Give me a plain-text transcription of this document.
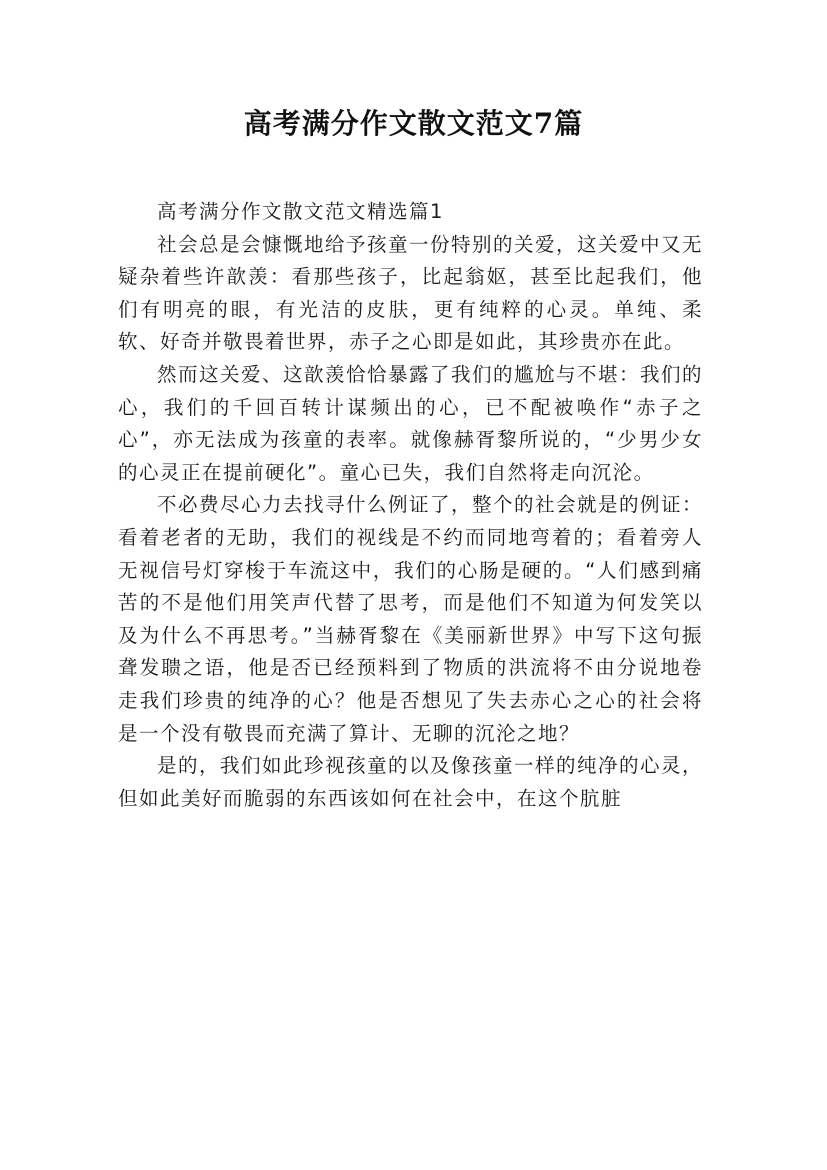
高考满分作文散文范文7篇

高考满分作文散文范文精选篇1

社会总是会慷慨地给予孩童一份特别的关爱，这关爱中又无疑杂着些许歆羡：看那些孩子，比起翁妪，甚至比起我们，他们有明亮的眼，有光洁的皮肤，更有纯粹的心灵。单纯、柔软、好奇并敬畏着世界，赤子之心即是如此，其珍贵亦在此。

然而这关爱、这歆羡恰恰暴露了我们的尴尬与不堪：我们的心，我们的千回百转计谋频出的心，已不配被唤作“赤子之心”，亦无法成为孩童的表率。就像赫胥黎所说的，“少男少女的心灵正在提前硬化”。童心已失，我们自然将走向沉沦。

不必费尽心力去找寻什么例证了，整个的社会就是的例证：看着老者的无助，我们的视线是不约而同地弯着的；看着旁人无视信号灯穿梭于车流这中，我们的心肠是硬的。“人们感到痛苦的不是他们用笑声代替了思考，而是他们不知道为何发笑以及为什么不再思考。”当赫胥黎在《美丽新世界》中写下这句振聋发聩之语，他是否已经预料到了物质的洪流将不由分说地卷走我们珍贵的纯净的心？他是否想见了失去赤心之心的社会将是一个没有敬畏而充满了算计、无聊的沉沦之地？

是的，我们如此珍视孩童的以及像孩童一样的纯净的心灵，但如此美好而脆弱的东西该如何在社会中，在这个肮脏
